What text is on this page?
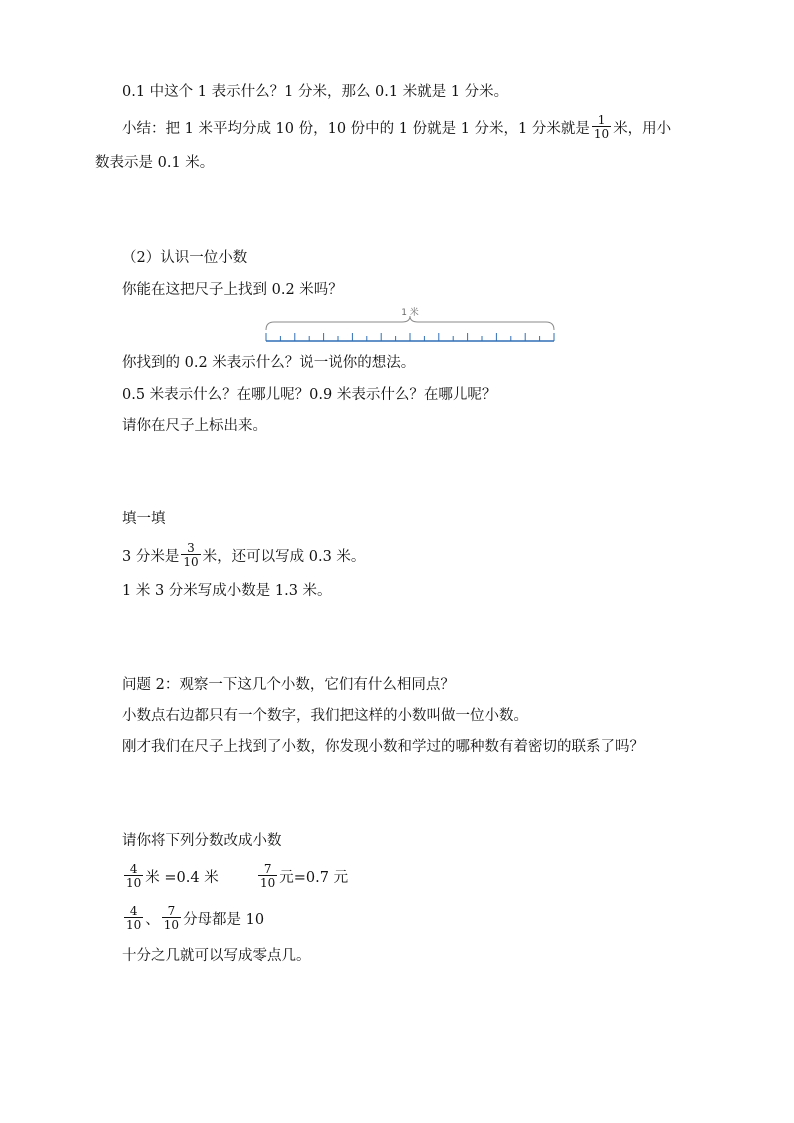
0.1 中这个 1 表示什么？1 分米，那么 0.1 米就是 1 分米。
小结：把 1 米平均分成 10 份，10 份中的 1 份就是 1 分米，1 分米就是 $\frac{1}{10}$ 米，用小
数表示是 0.1 米。
（2）认识一位小数
你能在这把尺子上找到 0.2 米吗？
1 米
你找到的 0.2 米表示什么？说一说你的想法。
0.5 米表示什么？在哪儿呢？0.9 米表示什么？在哪儿呢？
请你在尺子上标出来。
填一填
3 分米是 $\frac{3}{10}$ 米，还可以写成 0.3 米。
1 米 3 分米写成小数是 1.3 米。
问题 2：观察一下这几个小数，它们有什么相同点？
小数点右边都只有一个数字，我们把这样的小数叫做一位小数。
刚才我们在尺子上找到了小数，你发现小数和学过的哪种数有着密切的联系了吗？
请你将下列分数改成小数
$\frac{4}{10}$ 米 =0.4 米	$\frac{7}{10}$ 元=0.7 元
$\frac{4}{10}$ 、 $\frac{7}{10}$ 分母都是 10
十分之几就可以写成零点几。
